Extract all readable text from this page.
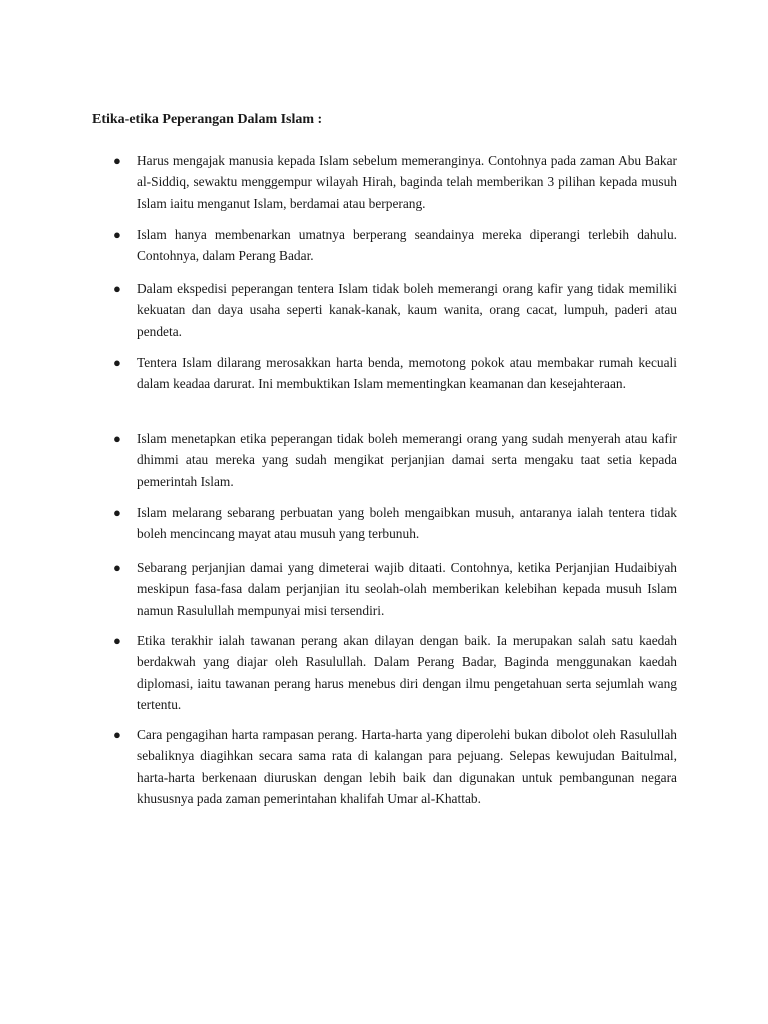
Etika-etika Peperangan Dalam Islam :
● Harus mengajak manusia kepada Islam sebelum memeranginya. Contohnya pada zaman Abu Bakar al-Siddiq, sewaktu menggempur wilayah Hirah, baginda telah memberikan 3 pilihan kepada musuh Islam iaitu menganut Islam, berdamai atau berperang.

● Islam hanya membenarkan umatnya berperang seandainya mereka diperangi terlebih dahulu. Contohnya, dalam Perang Badar.

● Dalam ekspedisi peperangan tentera Islam tidak boleh memerangi orang kafir yang tidak memiliki kekuatan dan daya usaha seperti kanak-kanak, kaum wanita, orang cacat, lumpuh, paderi atau pendeta.

● Tentera Islam dilarang merosakkan harta benda, memotong pokok atau membakar rumah kecuali dalam keadaa darurat. Ini membuktikan Islam mementingkan keamanan dan kesejahteraan.

● Islam menetapkan etika peperangan tidak boleh memerangi orang yang sudah menyerah atau kafir dhimmi atau mereka yang sudah mengikat perjanjian damai serta mengaku taat setia kepada pemerintah Islam.

● Islam melarang sebarang perbuatan yang boleh mengaibkan musuh, antaranya ialah tentera tidak boleh mencincang mayat atau musuh yang terbunuh.

● Sebarang perjanjian damai yang dimeterai wajib ditaati. Contohnya, ketika Perjanjian Hudaibiyah meskipun fasa-fasa dalam perjanjian itu seolah-olah memberikan kelebihan kepada musuh Islam namun Rasulullah mempunyai misi tersendiri.

● Etika terakhir ialah tawanan perang akan dilayan dengan baik. Ia merupakan salah satu kaedah berdakwah yang diajar oleh Rasulullah. Dalam Perang Badar, Baginda menggunakan kaedah diplomasi, iaitu tawanan perang harus menebus diri dengan ilmu pengetahuan serta sejumlah wang tertentu.

● Cara pengagihan harta rampasan perang. Harta-harta yang diperolehi bukan dibolot oleh Rasulullah sebaliknya diagihkan secara sama rata di kalangan para pejuang. Selepas kewujudan Baitulmal, harta-harta berkenaan diuruskan dengan lebih baik dan digunakan untuk pembangunan negara khususnya pada zaman pemerintahan khalifah Umar al-Khattab.
